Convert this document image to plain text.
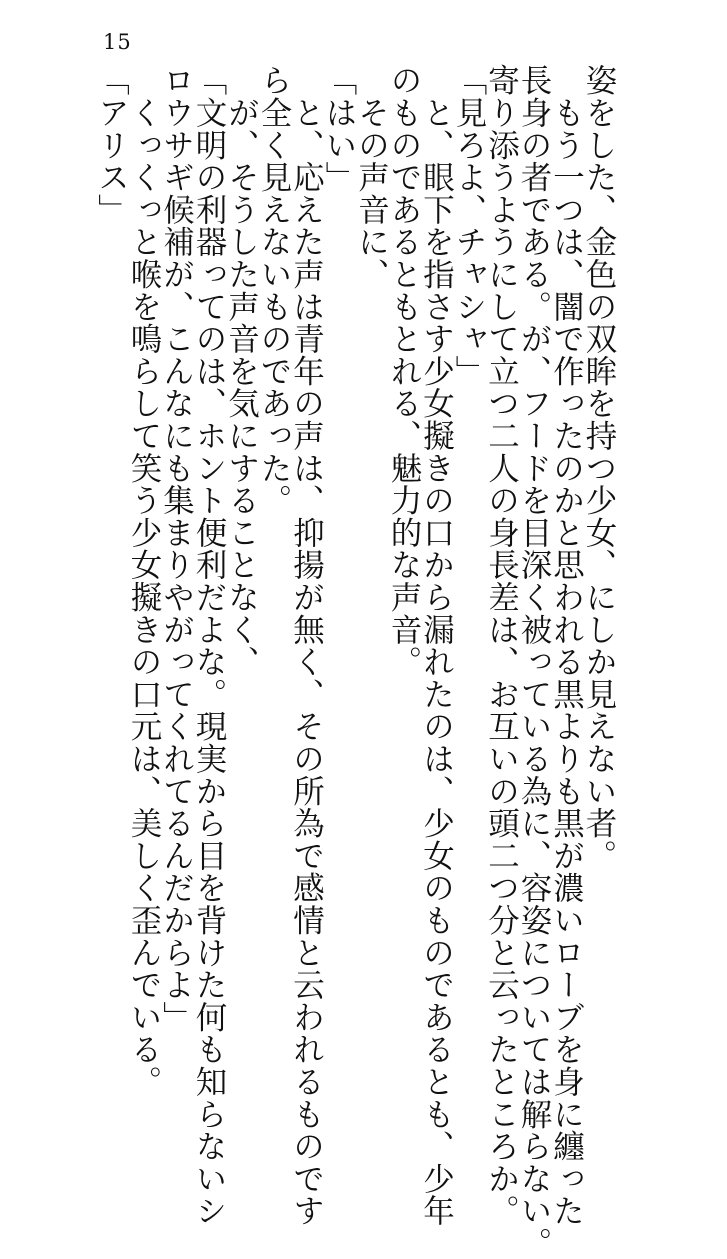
15
姿をした、金色の双眸を持つ少女、にしか見えない者。
　もう一つは、闇で作ったのかと思われる黒よりも黒が濃いローブを身に纏った
長身の者である。が、フードを目深く被っている為に、容姿については解らない。
寄り添うようにして立つ二人の身長差は、お互いの頭二つ分と云ったところか。
「見ろよ、チャシャ」
　と、眼下を指さす少女擬きの口から漏れたのは、少女のものであるとも、少年
のものであるともとれる、魅力的な声音。
　その声音に、
「はい」
　と、応えた声は青年の声は、抑揚が無く、その所為で感情と云われるものです
ら全く見えないものであった。
　が、そうした声音を気にすることなく、
「文明の利器ってのは、ホント便利だよな。現実から目を背けた何も知らないシ
ロウサギ候補が、こんなにも集まりやがってくれてるんだからよ」
　くっくっと喉を鳴らして笑う少女擬きの口元は、美しく歪んでいる。
「アリス」
